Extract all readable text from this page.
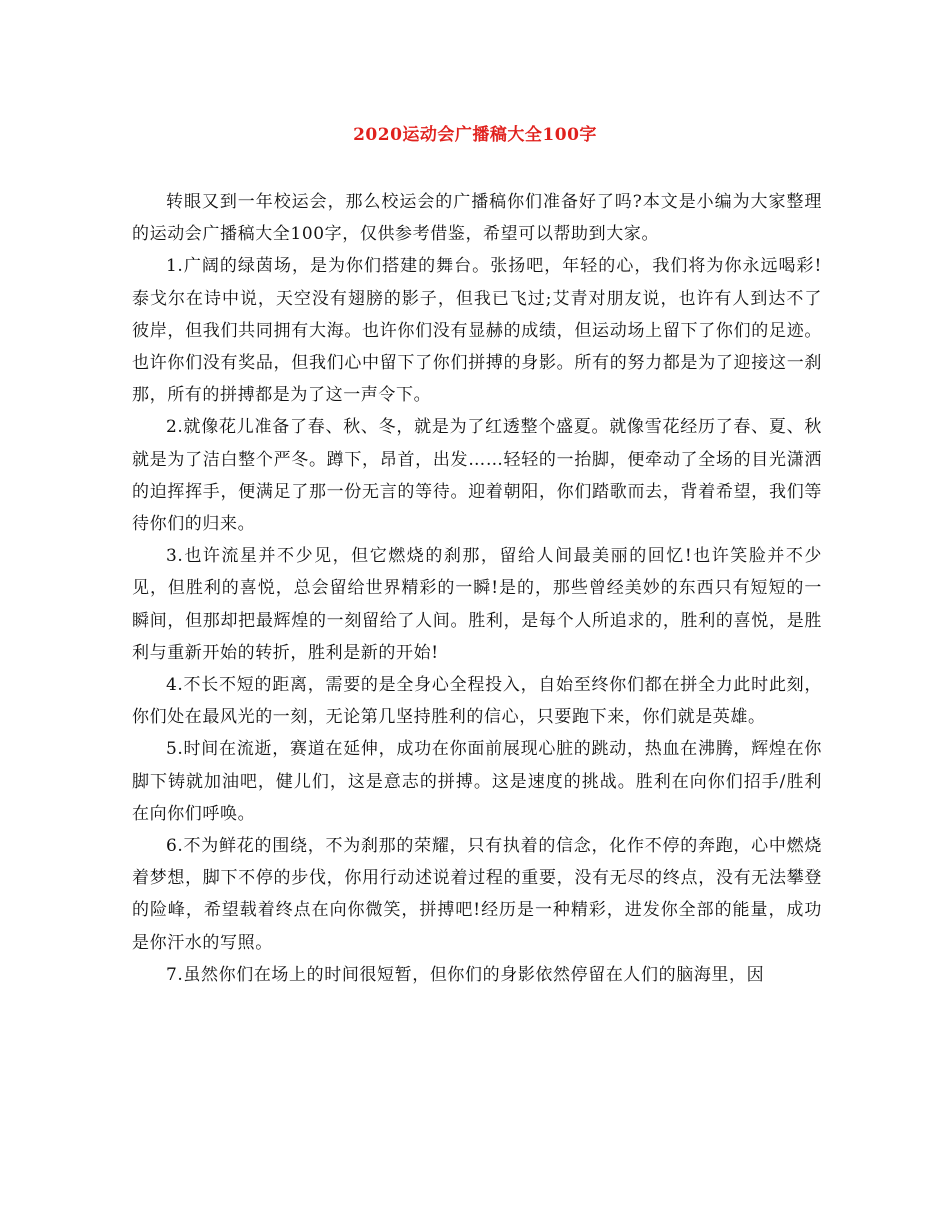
2020运动会广播稿大全100字

转眼又到一年校运会，那么校运会的广播稿你们准备好了吗?本文是小编为大家整理的运动会广播稿大全100字，仅供参考借鉴，希望可以帮助到大家。

1.广阔的绿茵场，是为你们搭建的舞台。张扬吧，年轻的心，我们将为你永远喝彩!泰戈尔在诗中说，天空没有翅膀的影子，但我已飞过;艾青对朋友说，也许有人到达不了彼岸，但我们共同拥有大海。也许你们没有显赫的成绩，但运动场上留下了你们的足迹。也许你们没有奖品，但我们心中留下了你们拼搏的身影。所有的努力都是为了迎接这一刹那，所有的拼搏都是为了这一声令下。

2.就像花儿准备了春、秋、冬，就是为了红透整个盛夏。就像雪花经历了春、夏、秋就是为了洁白整个严冬。蹲下，昂首，出发……轻轻的一抬脚，便牵动了全场的目光潇洒的迫挥挥手，便满足了那一份无言的等待。迎着朝阳，你们踏歌而去，背着希望，我们等待你们的归来。

3.也许流星并不少见，但它燃烧的刹那，留给人间最美丽的回忆!也许笑脸并不少见，但胜利的喜悦，总会留给世界精彩的一瞬!是的，那些曾经美妙的东西只有短短的一瞬间，但那却把最辉煌的一刻留给了人间。胜利，是每个人所追求的，胜利的喜悦，是胜利与重新开始的转折，胜利是新的开始!

4.不长不短的距离，需要的是全身心全程投入，自始至终你们都在拼全力此时此刻，你们处在最风光的一刻，无论第几坚持胜利的信心，只要跑下来，你们就是英雄。

5.时间在流逝，赛道在延伸，成功在你面前展现心脏的跳动，热血在沸腾，辉煌在你脚下铸就加油吧，健儿们，这是意志的拼搏。这是速度的挑战。胜利在向你们招手/胜利在向你们呼唤。

6.不为鲜花的围绕，不为刹那的荣耀，只有执着的信念，化作不停的奔跑，心中燃烧着梦想，脚下不停的步伐，你用行动述说着过程的重要，没有无尽的终点，没有无法攀登的险峰，希望载着终点在向你微笑，拼搏吧!经历是一种精彩，进发你全部的能量，成功是你汗水的写照。

7.虽然你们在场上的时间很短暂，但你们的身影依然停留在人们的脑海里，因
